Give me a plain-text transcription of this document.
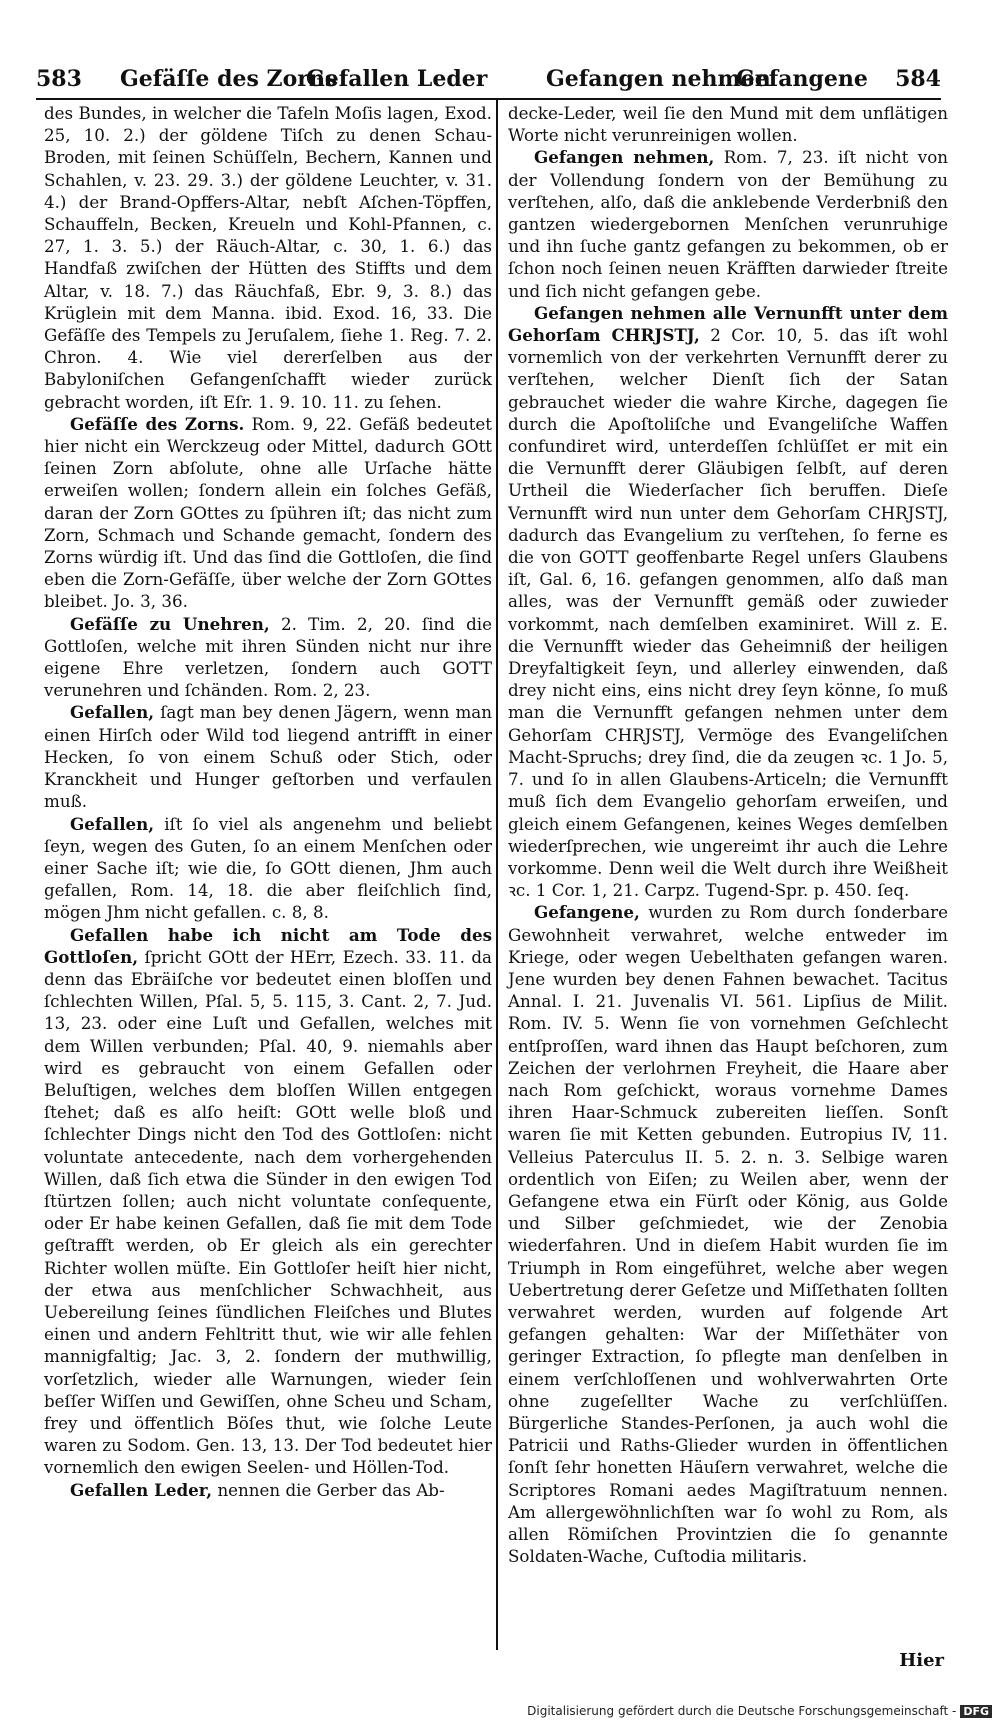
583 Gefäſſe des Zorns
Gefallen Leder	Gefangen nehmen
Gefangene 584

des Bundes, in welcher die Tafeln Moſis lagen, Exod. 25, 10. 2.) der göldene Tiſch zu denen Schau-Broden, mit ſeinen Schüſſeln, Bechern, Kannen und Schahlen, v. 23. 29. 3.) der göldene Leuchter, v. 31. 4.) der Brand-Opffers-Altar, nebſt Aſchen-Töpffen, Schauffeln, Becken, Kreueln und Kohl-Pfannen, c. 27, 1. 3. 5.) der Räuch-Altar, c. 30, 1. 6.) das Handfaß zwiſchen der Hütten des Stiffts und dem Altar, v. 18. 7.) das Räuchfaß, Ebr. 9, 3. 8.) das Krüglein mit dem Manna. ibid. Exod. 16, 33. Die Gefäſſe des Tempels zu Jeruſalem, ſiehe 1. Reg. 7. 2. Chron. 4. Wie viel dererſelben aus der Babyloniſchen Gefangenſchafft wieder zurück gebracht worden, iſt Eſr. 1. 9. 10. 11. zu ſehen.

Gefäſſe des Zorns. Rom. 9, 22. Gefäß bedeutet hier nicht ein Werckzeug oder Mittel, dadurch GOtt ſeinen Zorn abſolute, ohne alle Urſache hätte erweiſen wollen; ſondern allein ein ſolches Gefäß, daran der Zorn GOttes zu ſpühren iſt; das nicht zum Zorn, Schmach und Schande gemacht, ſondern des Zorns würdig iſt. Und das ſind die Gottloſen, die ſind eben die Zorn-Gefäſſe, über welche der Zorn GOttes bleibet. Jo. 3, 36.

Gefäſſe zu Unehren, 2. Tim. 2, 20. ſind die Gottloſen, welche mit ihren Sünden nicht nur ihre eigene Ehre verletzen, ſondern auch GOTT verunehren und ſchänden. Rom. 2, 23.

Gefallen, ſagt man bey denen Jägern, wenn man einen Hirſch oder Wild tod liegend antrifft in einer Hecken, ſo von einem Schuß oder Stich, oder Kranckheit und Hunger geſtorben und verfaulen muß.

Gefallen, iſt ſo viel als angenehm und beliebt ſeyn, wegen des Guten, ſo an einem Menſchen oder einer Sache iſt; wie die, ſo GOtt dienen, Jhm auch gefallen, Rom. 14, 18. die aber fleiſchlich ſind, mögen Jhm nicht gefallen. c. 8, 8.

Gefallen habe ich nicht am Tode des Gottloſen, ſpricht GOtt der HErr, Ezech. 33. 11. da denn das Ebräiſche vor bedeutet einen bloſſen und ſchlechten Willen, Pſal. 5, 5. 115, 3. Cant. 2, 7. Jud. 13, 23. oder eine Luſt und Gefallen, welches mit dem Willen verbunden; Pſal. 40, 9. niemahls aber wird es gebraucht von einem Gefallen oder Beluſtigen, welches dem bloſſen Willen entgegen ſtehet; daß es alſo heiſt: GOtt welle bloß und ſchlechter Dings nicht den Tod des Gottloſen: nicht voluntate antecedente, nach dem vorhergehenden Willen, daß ſich etwa die Sünder in den ewigen Tod ſtürtzen ſollen; auch nicht voluntate conſequente, oder Er habe keinen Gefallen, daß ſie mit dem Tode geſtrafft werden, ob Er gleich als ein gerechter Richter wollen müſte. Ein Gottloſer heiſt hier nicht, der etwa aus menſchlicher Schwachheit, aus Uebereilung ſeines ſündlichen Fleiſches und Blutes einen und andern Fehltritt thut, wie wir alle fehlen mannigfaltig; Jac. 3, 2. ſondern der muthwillig, vorſetzlich, wieder alle Warnungen, wieder ſein beſſer Wiſſen und Gewiſſen, ohne Scheu und Scham, frey und öffentlich Böſes thut, wie ſolche Leute waren zu Sodom. Gen. 13, 13. Der Tod bedeutet hier vornemlich den ewigen Seelen- und Höllen-Tod.

Gefallen Leder, nennen die Gerber das Ab-

decke-Leder, weil ſie den Mund mit dem unflätigen Worte nicht verunreinigen wollen.

Gefangen nehmen, Rom. 7, 23. iſt nicht von der Vollendung ſondern von der Bemühung zu verſtehen, alſo, daß die anklebende Verderbniß den gantzen wiedergebornen Menſchen verunruhige und ihn ſuche gantz gefangen zu bekommen, ob er ſchon noch ſeinen neuen Kräfften darwieder ſtreite und ſich nicht gefangen gebe.

Gefangen nehmen alle Vernunfft unter dem Gehorſam CHRJSTJ, 2 Cor. 10, 5. das iſt wohl vornemlich von der verkehrten Vernunfft derer zu verſtehen, welcher Dienſt ſich der Satan gebrauchet wieder die wahre Kirche, dagegen ſie durch die Apoſtoliſche und Evangeliſche Waffen confundiret wird, unterdeſſen ſchlüſſet er mit ein die Vernunfft derer Gläubigen ſelbſt, auf deren Urtheil die Wiederſacher ſich beruffen. Dieſe Vernunfft wird nun unter dem Gehorſam CHRJSTJ, dadurch das Evangelium zu verſtehen, ſo ferne es die von GOTT geoffenbarte Regel unſers Glaubens iſt, Gal. 6, 16. gefangen genommen, alſo daß man alles, was der Vernunfft gemäß oder zuwieder vorkommt, nach demſelben examiniret. Will z. E. die Vernunfft wieder das Geheimniß der heiligen Dreyfaltigkeit ſeyn, und allerley einwenden, daß drey nicht eins, eins nicht drey ſeyn könne, ſo muß man die Vernunfft gefangen nehmen unter dem Gehorſam CHRJSTJ, Vermöge des Evangeliſchen Macht-Spruchs; drey ſind, die da zeugen ꝛc. 1 Jo. 5, 7. und ſo in allen Glaubens-Articeln; die Vernunfft muß ſich dem Evangelio gehorſam erweiſen, und gleich einem Gefangenen, keines Weges demſelben wiederſprechen, wie ungereimt ihr auch die Lehre vorkomme. Denn weil die Welt durch ihre Weißheit ꝛc. 1 Cor. 1, 21. Carpz. Tugend-Spr. p. 450. ſeq.

Gefangene, wurden zu Rom durch ſonderbare Gewohnheit verwahret, welche entweder im Kriege, oder wegen Uebelthaten gefangen waren. Jene wurden bey denen Fahnen bewachet. Tacitus Annal. I. 21. Juvenalis VI. 561. Lipſius de Milit. Rom. IV. 5. Wenn ſie von vornehmen Geſchlecht entſproſſen, ward ihnen das Haupt beſchoren, zum Zeichen der verlohrnen Freyheit, die Haare aber nach Rom geſchickt, woraus vornehme Dames ihren Haar-Schmuck zubereiten lieſſen. Sonſt waren ſie mit Ketten gebunden. Eutropius IV, 11. Velleius Paterculus II. 5. 2. n. 3. Selbige waren ordentlich von Eiſen; zu Weilen aber, wenn der Gefangene etwa ein Fürſt oder König, aus Golde und Silber geſchmiedet, wie der Zenobia wiederfahren. Und in dieſem Habit wurden ſie im Triumph in Rom eingeführet, welche aber wegen Uebertretung derer Geſetze und Miſſethaten ſollten verwahret werden, wurden auf folgende Art gefangen gehalten: War der Miſſethäter von geringer Extraction, ſo pflegte man denſelben in einem verſchloſſenen und wohlverwahrten Orte ohne zugeſellter Wache zu verſchlüſſen. Bürgerliche Standes-Perſonen, ja auch wohl die Patricii und Raths-Glieder wurden in öffentlichen ſonſt ſehr honetten Häuſern verwahret, welche die Scriptores Romani aedes Magiſtratuum nennen. Am allergewöhnlichſten war ſo wohl zu Rom, als allen Römiſchen Provintzien die ſo genannte Soldaten-Wache, Cuſtodia militaris.

Hier
Digitalisierung gefördert durch die Deutsche Forschungsgemeinschaft - DFG
